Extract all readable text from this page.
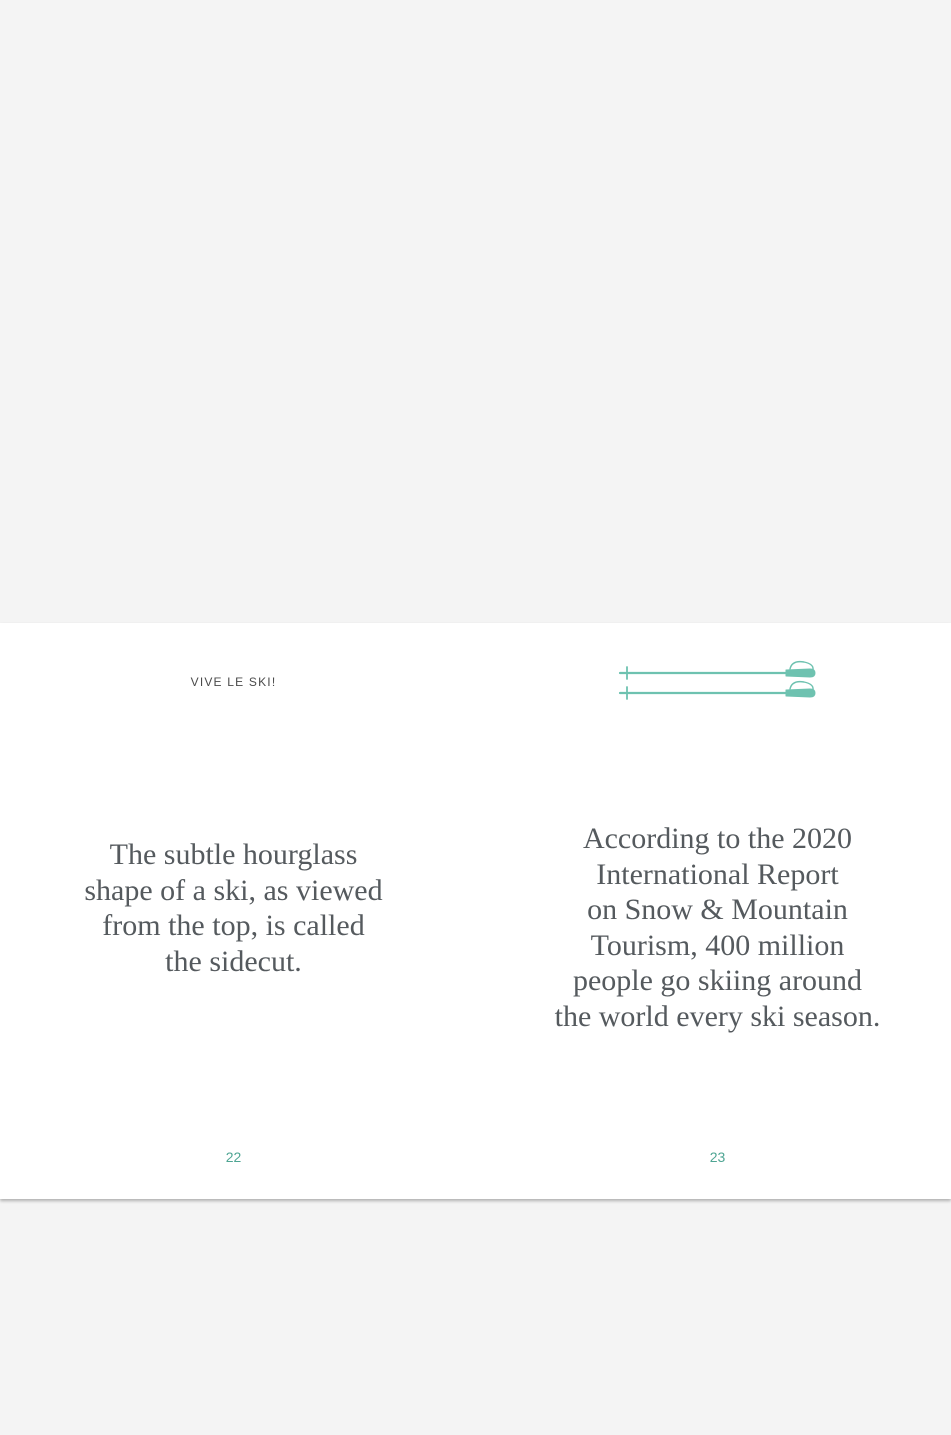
VIVE LE SKI!

The subtle hourglass
shape of a ski, as viewed
from the top, is called
the sidecut.

22

According to the 2020
International Report
on Snow & Mountain
Tourism, 400 million
people go skiing around
the world every ski season.

23
